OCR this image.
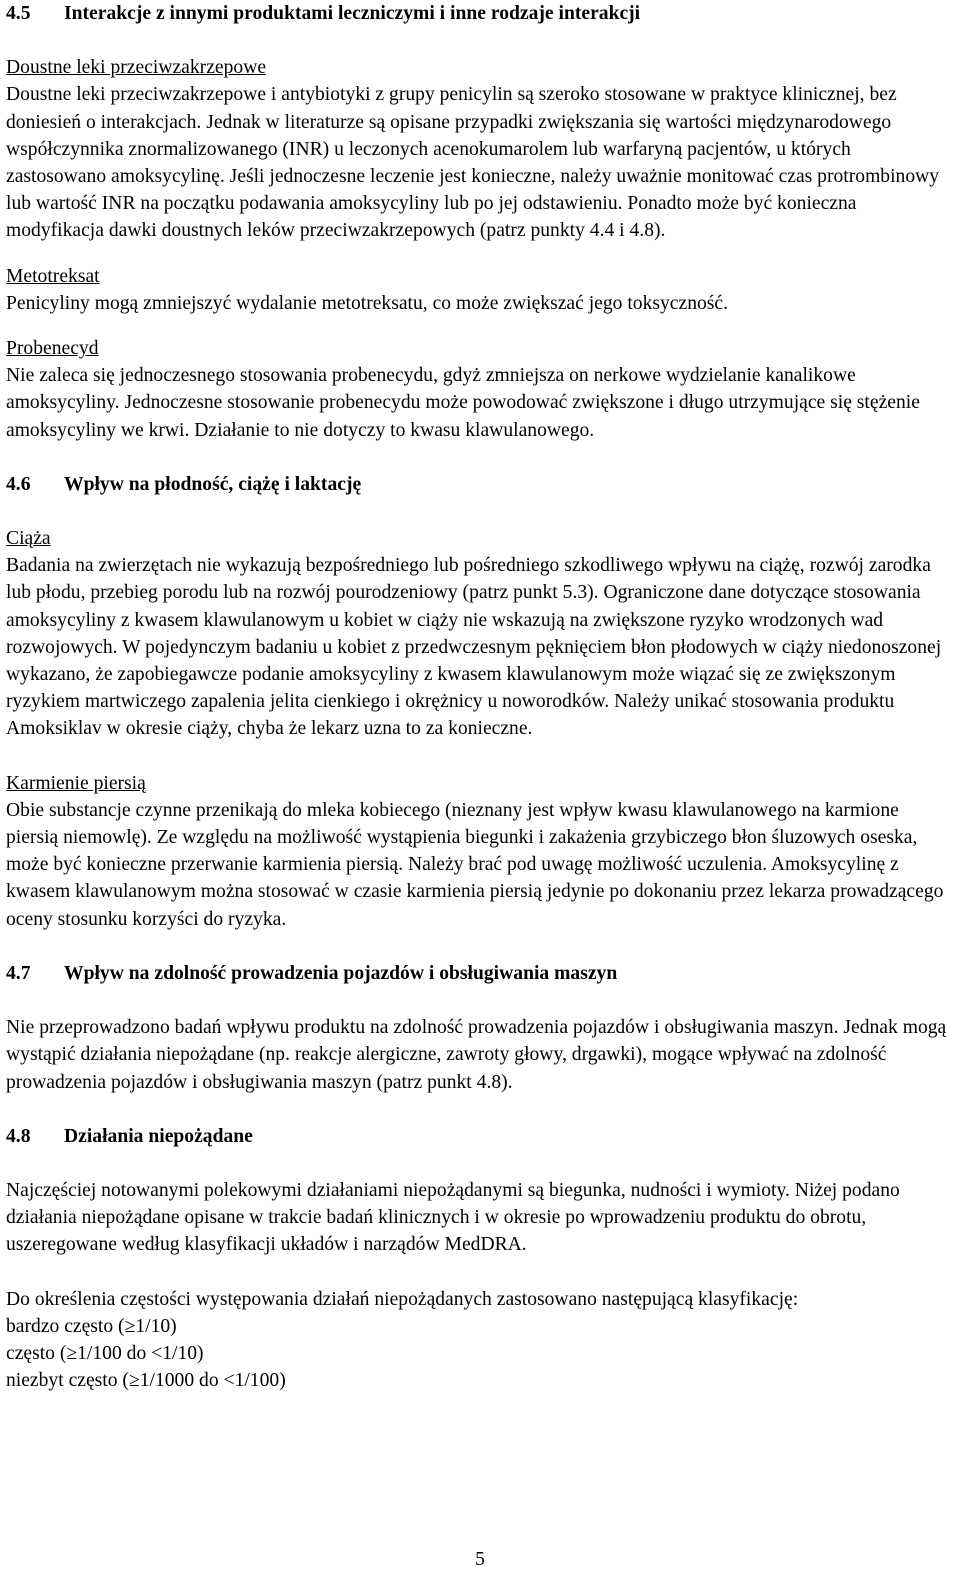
4.5 Interakcje z innymi produktami leczniczymi i inne rodzaje interakcji
Doustne leki przeciwzakrzepowe

Doustne leki przeciwzakrzepowe i antybiotyki z grupy penicylin są szeroko stosowane w praktyce klinicznej, bez doniesień o interakcjach. Jednak w literaturze są opisane przypadki zwiększania się wartości międzynarodowego współczynnika znormalizowanego (INR) u leczonych acenokumarolem lub warfaryną pacjentów, u których zastosowano amoksycylinę. Jeśli jednoczesne leczenie jest konieczne, należy uważnie monitować czas protrombinowy lub wartość INR na początku podawania amoksycyliny lub po jej odstawieniu. Ponadto może być konieczna modyfikacja dawki doustnych leków przeciwzakrzepowych (patrz punkty 4.4 i 4.8).

Metotreksat

Penicyliny mogą zmniejszyć wydalanie metotreksatu, co może zwiększać jego toksyczność.

Probenecyd

Nie zaleca się jednoczesnego stosowania probenecydu, gdyż zmniejsza on nerkowe wydzielanie kanalikowe amoksycyliny. Jednoczesne stosowanie probenecydu może powodować zwiększone i długo utrzymujące się stężenie amoksycyliny we krwi. Działanie to nie dotyczy to kwasu klawulanowego.

4.6 Wpływ na płodność, ciążę i laktację
Ciąża

Badania na zwierzętach nie wykazują bezpośredniego lub pośredniego szkodliwego wpływu na ciążę, rozwój zarodka lub płodu, przebieg porodu lub na rozwój pourodzeniowy (patrz punkt 5.3). Ograniczone dane dotyczące stosowania amoksycyliny z kwasem klawulanowym u kobiet w ciąży nie wskazują na zwiększone ryzyko wrodzonych wad rozwojowych. W pojedynczym badaniu u kobiet z przedwczesnym pęknięciem błon płodowych w ciąży niedonoszonej wykazano, że zapobiegawcze podanie amoksycyliny z kwasem klawulanowym może wiązać się ze zwiększonym ryzykiem martwiczego zapalenia jelita cienkiego i okrężnicy u noworodków. Należy unikać stosowania produktu Amoksiklav w okresie ciąży, chyba że lekarz uzna to za konieczne.

Karmienie piersią

Obie substancje czynne przenikają do mleka kobiecego (nieznany jest wpływ kwasu klawulanowego na karmione piersią niemowlę). Ze względu na możliwość wystąpienia biegunki i zakażenia grzybiczego błon śluzowych oseska, może być konieczne przerwanie karmienia piersią. Należy brać pod uwagę możliwość uczulenia. Amoksycylinę z kwasem klawulanowym można stosować w czasie karmienia piersią jedynie po dokonaniu przez lekarza prowadzącego oceny stosunku korzyści do ryzyka.

4.7 Wpływ na zdolność prowadzenia pojazdów i obsługiwania maszyn

Nie przeprowadzono badań wpływu produktu na zdolność prowadzenia pojazdów i obsługiwania maszyn. Jednak mogą wystąpić działania niepożądane (np. reakcje alergiczne, zawroty głowy, drgawki), mogące wpływać na zdolność prowadzenia pojazdów i obsługiwania maszyn (patrz punkt 4.8).

4.8 Działania niepożądane

Najczęściej notowanymi polekowymi działaniami niepożądanymi są biegunka, nudności i wymioty. Niżej podano działania niepożądane opisane w trakcie badań klinicznych i w okresie po wprowadzeniu produktu do obrotu, uszeregowane według klasyfikacji układów i narządów MedDRA.

Do określenia częstości występowania działań niepożądanych zastosowano następującą klasyfikację:

bardzo często (≥1/10)
często (≥1/100 do <1/10)
niezbyt często (≥1/1000 do <1/100)
5
